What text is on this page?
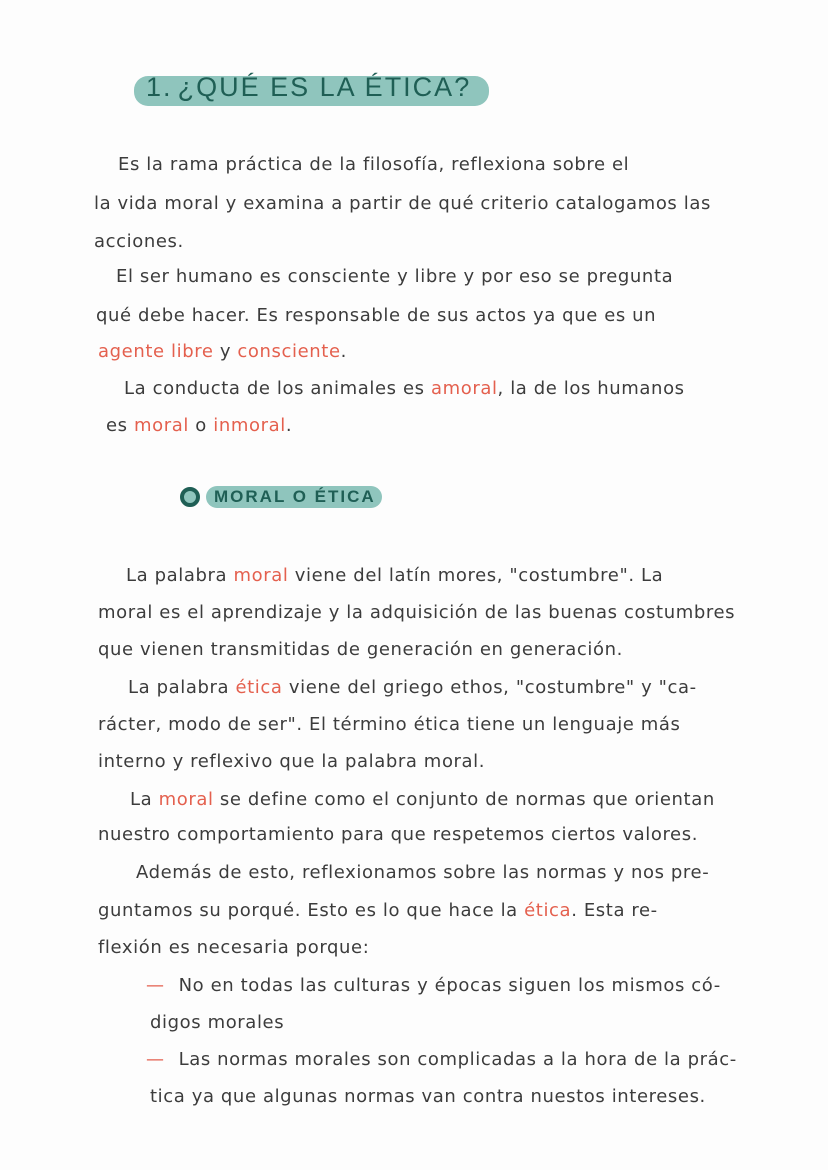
1. ¿QUÉ ES LA ÉTICA?
Es la rama práctica de la filosofía, reflexiona sobre el
la vida moral y examina a partir de qué criterio catalogamos las
acciones.
El ser humano es consciente y libre y por eso se pregunta
qué debe hacer. Es responsable de sus actos ya que es un
agente libre y consciente.
La conducta de los animales es amoral, la de los humanos
es moral o inmoral.
MORAL O ÉTICA
La palabra moral viene del latín mores, "costumbre". La
moral es el aprendizaje y la adquisición de las buenas costumbres
que vienen transmitidas de generación en generación.
La palabra ética viene del griego ethos, "costumbre" y "ca-
rácter, modo de ser". El término ética tiene un lenguaje más
interno y reflexivo que la palabra moral.
La moral se define como el conjunto de normas que orientan
nuestro comportamiento para que respetemos ciertos valores.
Además de esto, reflexionamos sobre las normas y nos pre-
guntamos su porqué. Esto es lo que hace la ética. Esta re-
flexión es necesaria porque:
— No en todas las culturas y épocas siguen los mismos có-
digos morales
— Las normas morales son complicadas a la hora de la prác-
tica ya que algunas normas van contra nuestos intereses.
